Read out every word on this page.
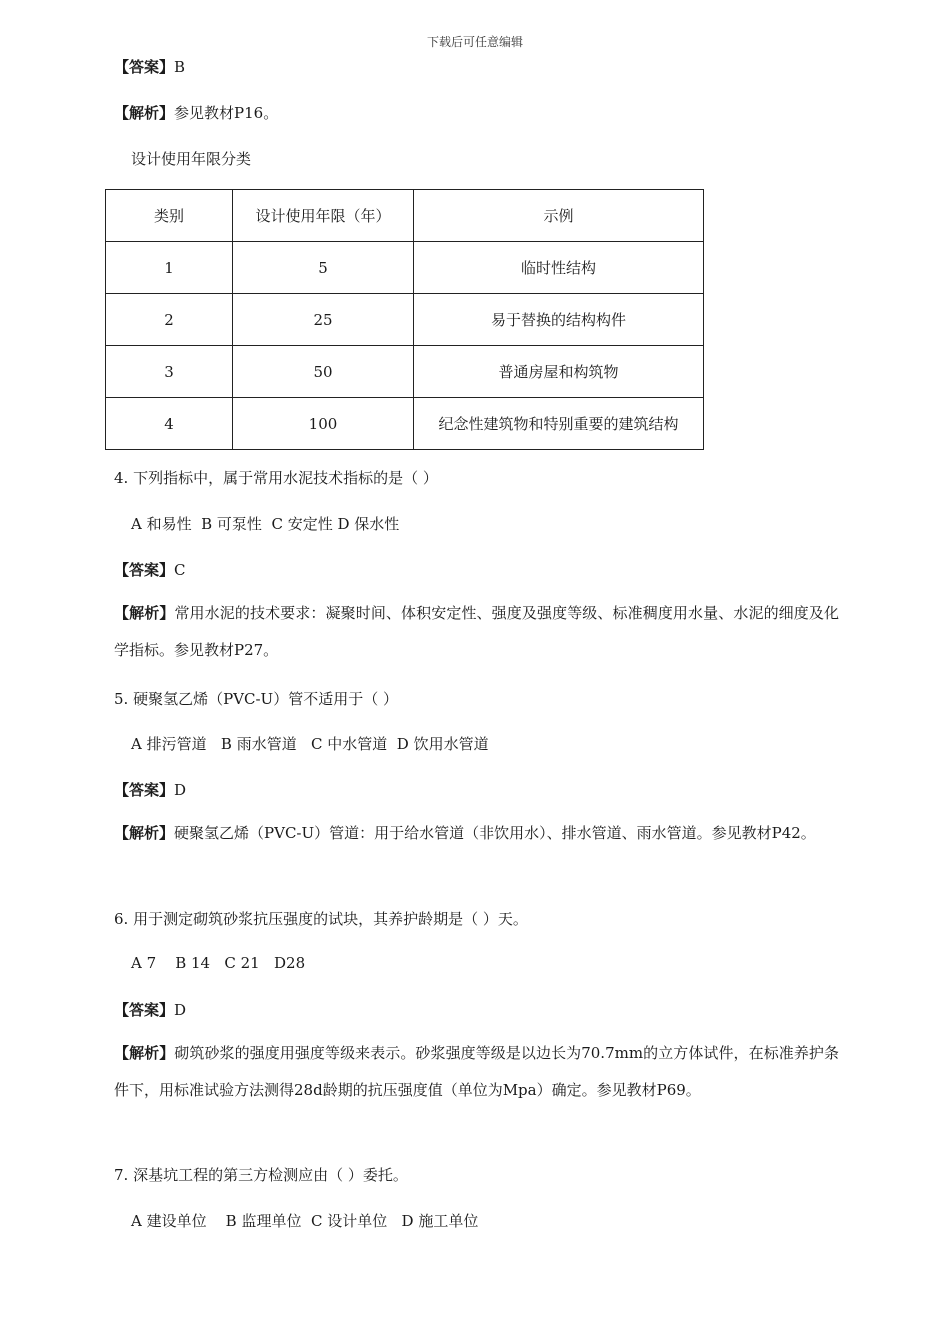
下载后可任意编辑
【答案】B
【解析】参见教材P16。
设计使用年限分类
类别	设计使用年限（年）	示例
1	5	临时性结构
2	25	易于替换的结构构件
3	50	普通房屋和构筑物
4	100	纪念性建筑物和特别重要的建筑结构
4. 下列指标中，属于常用水泥技术指标的是（ ）
A 和易性  B 可泵性  C 安定性 D 保水性
【答案】C
【解析】常用水泥的技术要求：凝聚时间、体积安定性、强度及强度等级、标准稠度用水量、水泥的细度及化学指标。参见教材P27。
5. 硬聚氢乙烯（PVC-U）管不适用于（ ）
A 排污管道   B 雨水管道   C 中水管道  D 饮用水管道
【答案】D
【解析】硬聚氢乙烯（PVC-U）管道：用于给水管道（非饮用水）、排水管道、雨水管道。参见教材P42。
6. 用于测定砌筑砂浆抗压强度的试块，其养护龄期是（ ）天。
A 7    B 14   C 21   D28
【答案】D
【解析】砌筑砂浆的强度用强度等级来表示。砂浆强度等级是以边长为70.7mm的立方体试件，在标准养护条件下，用标准试验方法测得28d龄期的抗压强度值（单位为Mpa）确定。参见教材P69。
7. 深基坑工程的第三方检测应由（ ）委托。
A 建设单位    B 监理单位  C 设计单位   D 施工单位
